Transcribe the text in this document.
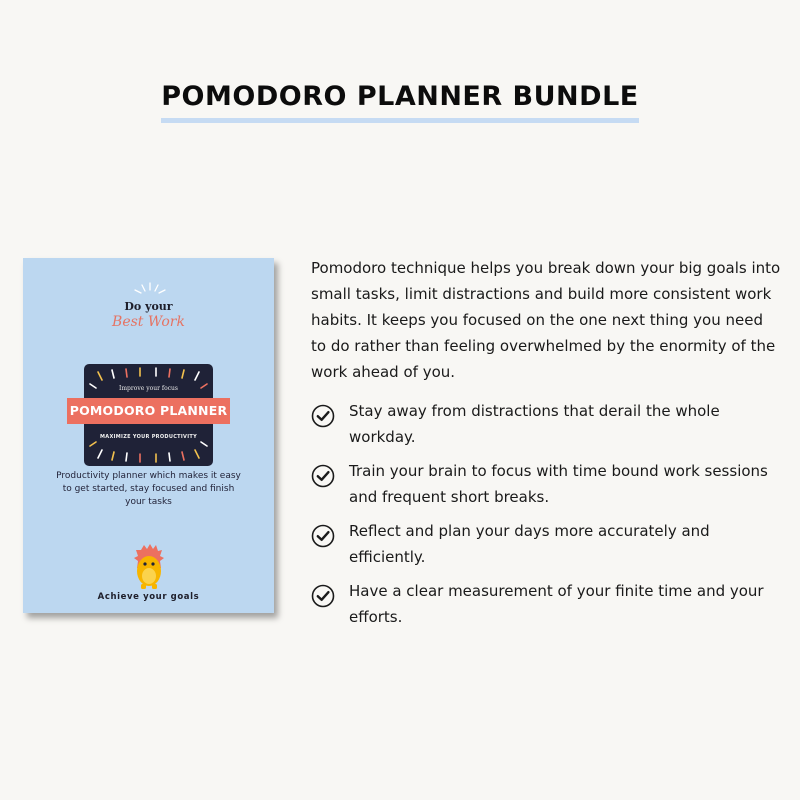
POMODORO PLANNER BUNDLE
Do your
Best Work
Improve your focus
MAXIMIZE YOUR PRODUCTIVITY
POMODORO PLANNER
Productivity planner which makes it easy to get started, stay focused and finish your tasks
Achieve your goals

Pomodoro technique helps you break down your big goals into small tasks, limit distractions and build more consistent work habits. It keeps you focused on the one next thing you need to do rather than feeling overwhelmed by the enormity of the work ahead of you.

Stay away from distractions that derail the whole workday.
Train your brain to focus with time bound work sessions and frequent short breaks.
Reflect and plan your days more accurately and efficiently.
Have a clear measurement of your finite time and your efforts.
